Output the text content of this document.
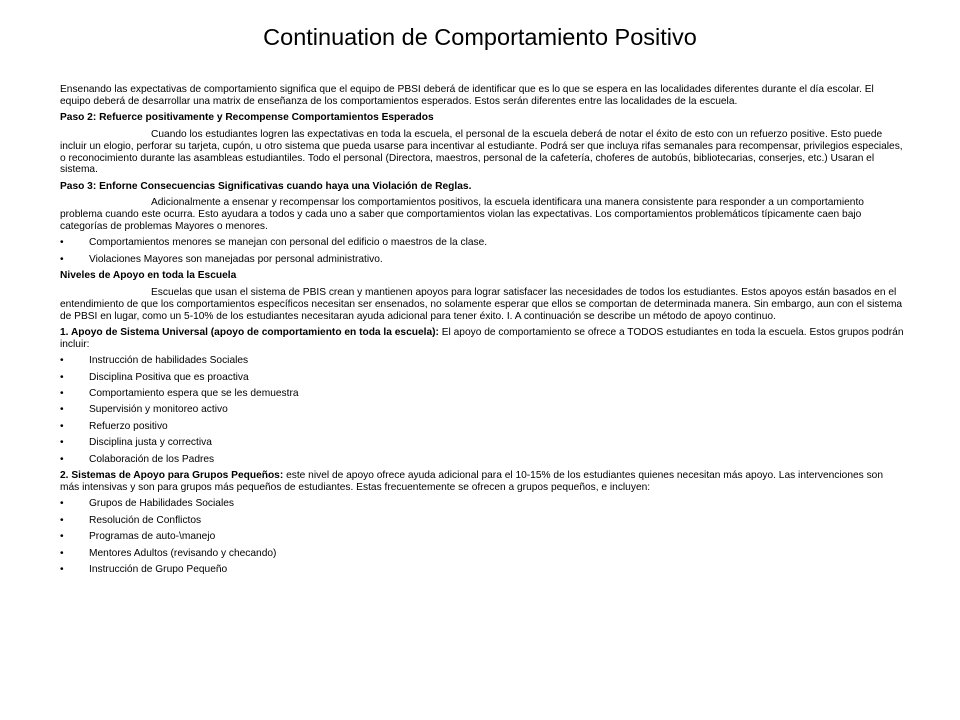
Continuation de Comportamiento Positivo

Ensenando las expectativas de comportamiento significa que el equipo de PBSI deberá de identificar que es lo que se espera en las localidades diferentes durante el día escolar. El equipo deberá de desarrollar una matrix de enseñanza de los comportamientos esperados. Estos serán diferentes entre las localidades de la escuela.

Paso 2: Refuerce positivamente y Recompense Comportamientos Esperados

Cuando los estudiantes logren las expectativas en toda la escuela, el personal de la escuela deberá de notar el éxito de esto con un refuerzo positive. Esto puede incluir un elogio, perforar su tarjeta, cupón, u otro sistema que pueda usarse para incentivar al estudiante. Podrá ser que incluya rifas semanales para recompensar, privilegios especiales, o reconocimiento durante las asambleas estudiantiles. Todo el personal (Directora, maestros, personal de la cafetería, choferes de autobús, bibliotecarias, conserjes, etc.) Usaran el sistema.

Paso 3: Enforne Consecuencias Significativas cuando haya una Violación de Reglas.

Adicionalmente a ensenar y recompensar los comportamientos positivos, la escuela identificara una manera consistente para responder a un comportamiento problema cuando este ocurra. Esto ayudara a todos y cada uno a saber que comportamientos violan las expectativas. Los comportamientos problemáticos típicamente caen bajo categorías de problemas Mayores o menores.

• Comportamientos menores se manejan con personal del edificio o maestros de la clase.
• Violaciones Mayores son manejadas por personal administrativo.

Niveles de Apoyo en toda la Escuela

Escuelas que usan el sistema de PBIS crean y mantienen apoyos para lograr satisfacer las necesidades de todos los estudiantes. Estos apoyos están basados en el entendimiento de que los comportamientos específicos necesitan ser ensenados, no solamente esperar que ellos se comportan de determinada manera. Sin embargo, aun con el sistema de PBSI en lugar, como un 5-10% de los estudiantes necesitaran ayuda adicional para tener éxito. I. A continuación se describe un método de apoyo continuo.

1. Apoyo de Sistema Universal (apoyo de comportamiento en toda la escuela): El apoyo de comportamiento se ofrece a TODOS estudiantes en toda la escuela. Estos grupos podrán incluir:

• Instrucción de habilidades Sociales
• Disciplina Positiva que es proactiva
• Comportamiento espera que se les demuestra
• Supervisión y monitoreo activo
• Refuerzo positivo
• Disciplina justa y correctiva
• Colaboración de los Padres

2. Sistemas de Apoyo para Grupos Pequeños: este nivel de apoyo ofrece ayuda adicional para el 10-15% de los estudiantes quienes necesitan más apoyo. Las intervenciones son más intensivas y son para grupos más pequeños de estudiantes. Estas frecuentemente se ofrecen a grupos pequeños, e incluyen:

• Grupos de Habilidades Sociales
• Resolución de Conflictos
• Programas de auto-\manejo
• Mentores Adultos (revisando y checando)
• Instrucción de Grupo Pequeño
